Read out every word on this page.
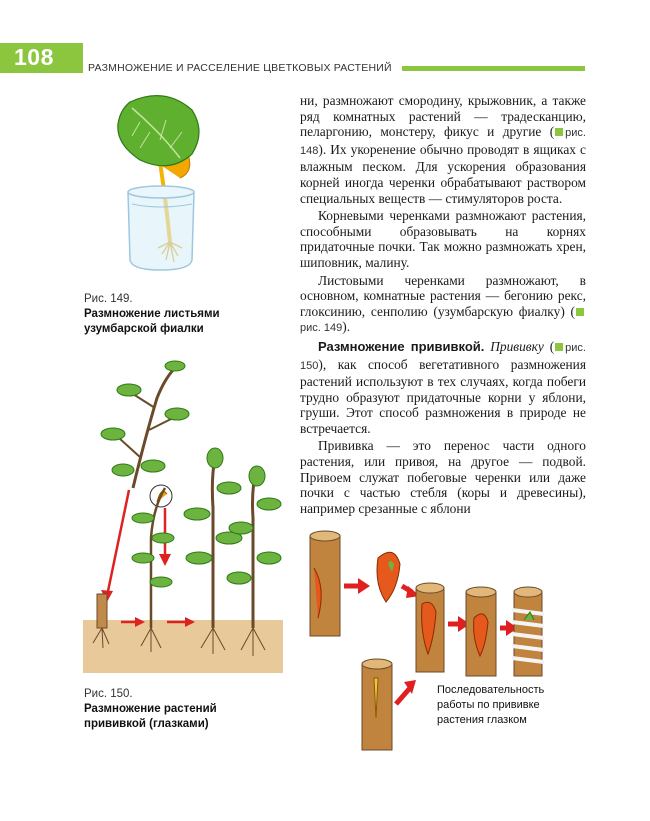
108	РАЗМНОЖЕНИЕ И РАССЕЛЕНИЕ ЦВЕТКОВЫХ РАСТЕНИЙ
Рис. 149.
Размножение листьями
узумбарской фиалки
Рис. 150.
Размножение растений
прививкой (глазками)

ни, размножают смородину, крыжовник, а также ряд комнатных растений — традесканцию, пеларгонию, монстеру, фикус и другие ( рис. 148). Их укоренение обычно проводят в ящиках с влажным песком. Для ускорения образования корней иногда черенки обрабатывают раствором специальных веществ — стимуляторов роста.

Корневыми черенками размножают растения, способными образовывать на корнях придаточные почки. Так можно размножать хрен, шиповник, малину.

Листовыми черенками размножают, в основном, комнатные растения — бегонию рекс, глоксинию, сенполию (узумбарскую фиалку) (рис. 149).

Размножение прививкой. Прививку ( рис. 150), как способ вегетативного размножения растений используют в тех случаях, когда побеги трудно образуют придаточные корни у яблони, груши. Этот способ размножения в природе не встречается.

Прививка — это перенос части одного растения, или привоя, на другое — подвой. Привоем служат побеговые черенки или даже почки с частью стебля (коры и древесины), например срезанные с яблони

Последовательность
работы по прививке
растения глазком
